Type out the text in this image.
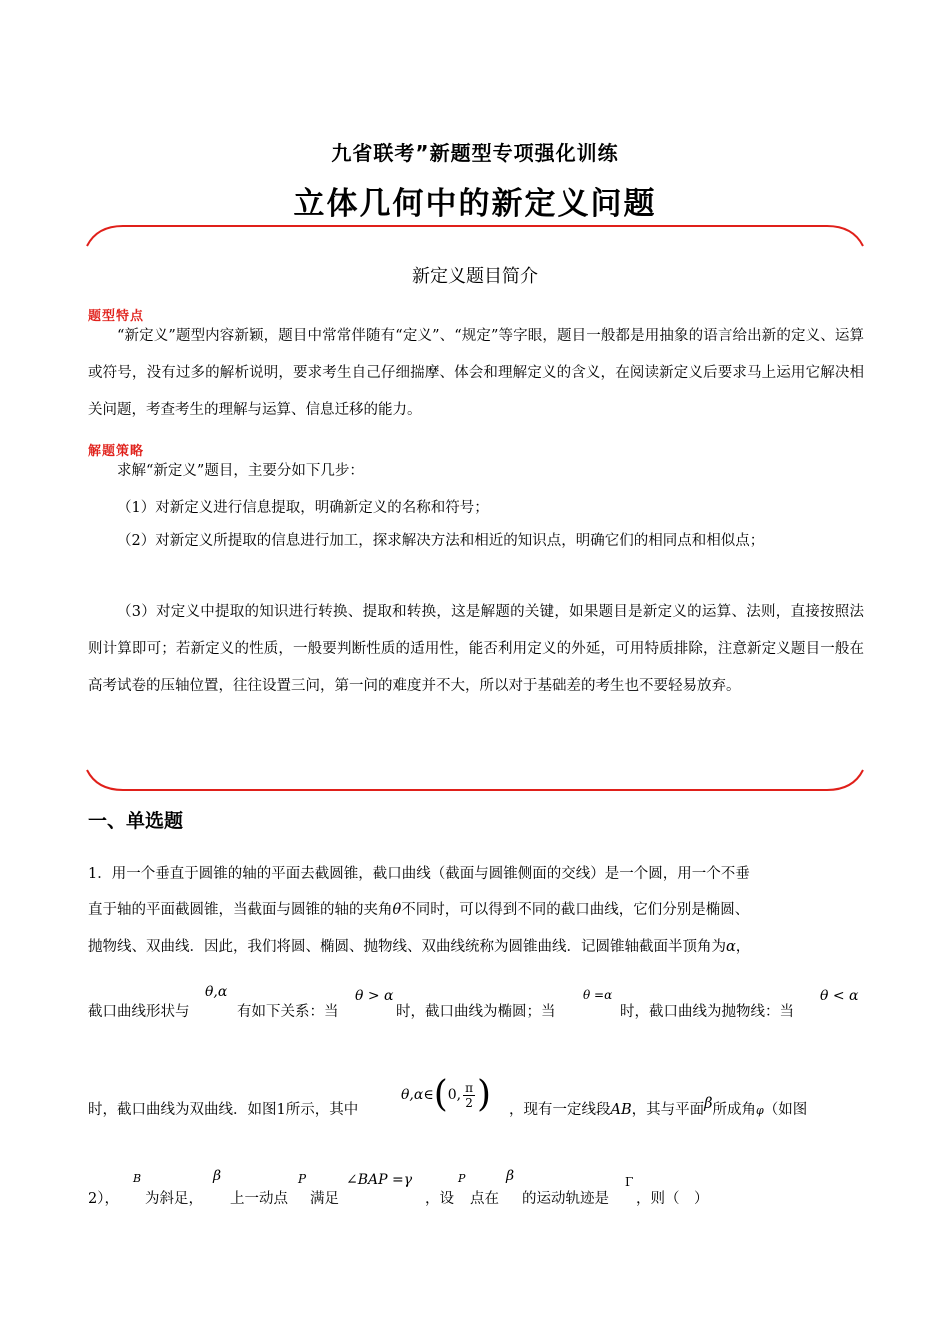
九省联考”新题型专项强化训练
立体几何中的新定义问题
新定义题目简介
题型特点

“新定义”题型内容新颖，题目中常常伴随有“定义”、“规定”等字眼，题目一般都是用抽象的语言给出新的定义、运算或符号，没有过多的解析说明，要求考生自己仔细揣摩、体会和理解定义的含义，在阅读新定义后要求马上运用它解决相关问题，考查考生的理解与运算、信息迁移的能力。

解题策略

求解“新定义”题目，主要分如下几步：

（1）对新定义进行信息提取，明确新定义的名称和符号；

（2）对新定义所提取的信息进行加工，探求解决方法和相近的知识点，明确它们的相同点和相似点；

（3）对定义中提取的知识进行转换、提取和转换，这是解题的关键，如果题目是新定义的运算、法则，直接按照法则计算即可；若新定义的性质，一般要判断性质的适用性，能否利用定义的外延，可用特质排除，注意新定义题目一般在高考试卷的压轴位置，往往设置三问，第一问的难度并不大，所以对于基础差的考生也不要轻易放弃。

一、单选题
1．用一个垂直于圆锥的轴的平面去截圆锥，截口曲线（截面与圆锥侧面的交线）是一个圆，用一个不垂
直于轴的平面截圆锥，当截面与圆锥的轴的夹角θ不同时，可以得到不同的截口曲线，它们分别是椭圆、
抛物线、双曲线．因此，我们将圆、椭圆、抛物线、双曲线统称为圆锥曲线．记圆锥轴截面半顶角为α，
θ,α	θ > α	θ =α	θ < α
截口曲线形状与	有如下关系：当	时，截口曲线为椭圆；当	时，截口曲线为抛物线：当
θ,α∈ ( 0, $\frac{\pi}{2}$ )
时，截口曲线为双曲线．如图1所示，其中	，现有一定线段AB，其与平面β所成角φ（如图
B	β	P	∠BAP =γ	P	β	Γ
2）， 为斜足， 上一动点 满足	，设 点在 的运动轨迹是 ，则（　）
